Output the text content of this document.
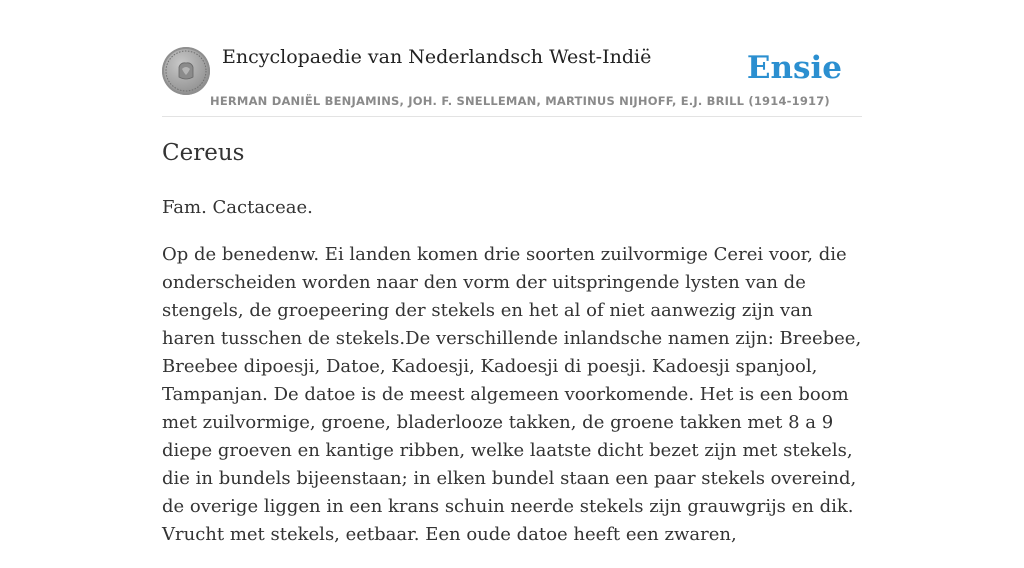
Encyclopaedie van Nederlandsch West-Indië
HERMAN DANIËL BENJAMINS, JOH. F. SNELLEMAN, MARTINUS NIJHOFF, E.J. BRILL (1914-1917)
Ensie
Cereus

Fam. Cactaceae.

Op de benedenw. Ei landen komen drie soorten zuilvormige Cerei voor, die onderscheiden worden naar den vorm der uitspringende lysten van de stengels, de groepeering der stekels en het al of niet aanwezig zijn van haren tusschen de stekels.De verschillende inlandsche namen zijn: Breebee, Breebee dipoesji, Datoe, Kadoesji, Kadoesji di poesji. Kadoesji spanjool, Tampanjan. De datoe is de meest algemeen voorkomende. Het is een boom met zuilvormige, groene, bladerlooze takken, de groene takken met 8 a 9 diepe groeven en kantige ribben, welke laatste dicht bezet zijn met stekels, die in bundels bijeenstaan; in elken bundel staan een paar stekels overeind, de overige liggen in een krans schuin neerde stekels zijn grauwgrijs en dik. Vrucht met stekels, eetbaar. Een oude datoe heeft een zwaren,
